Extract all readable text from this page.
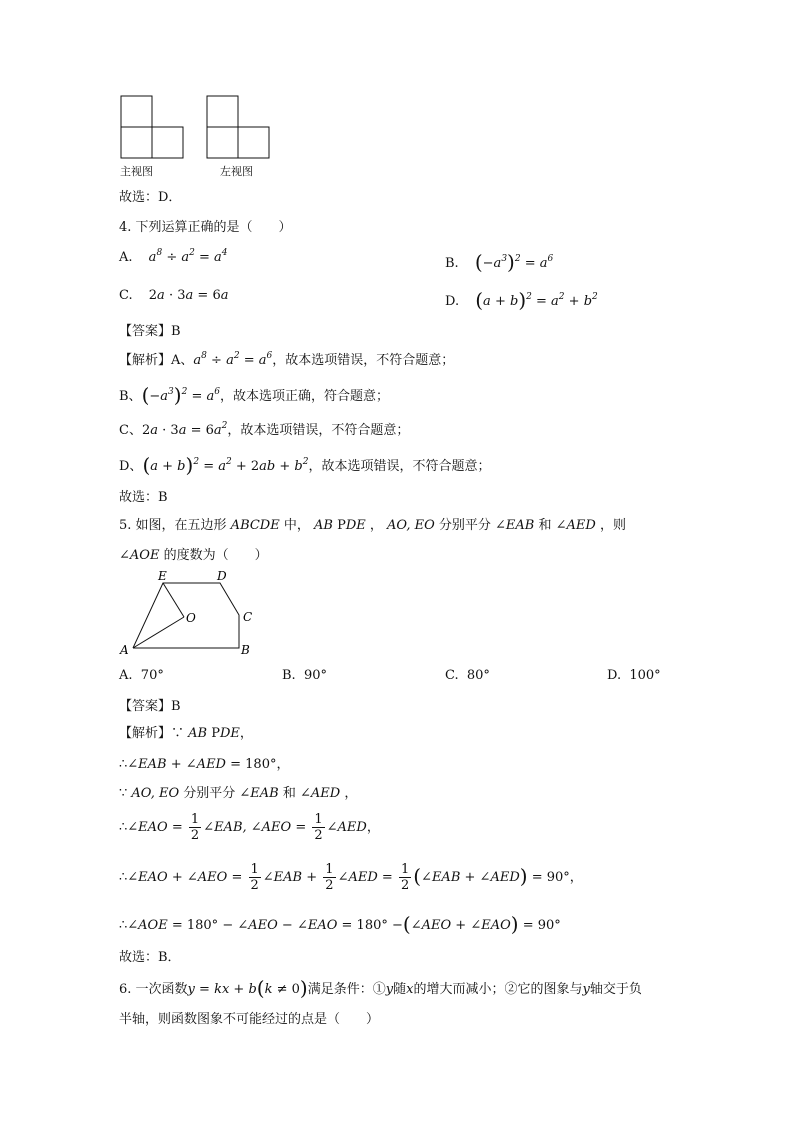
主视图	左视图
故选：D．
4. 下列运算正确的是（　　）
A. $a^8 \div a^2 = a^4$
B. $(-a^3)^2 = a^6$
C. 2a · 3a = 6a	D. $(a + b)^2 = a^2 + b^2$
【答案】B
【解析】A、$a^8 \div a^2 = a^6$，故本选项错误，不符合题意；
B、$(-a^3)^2 = a^6$，故本选项正确，符合题意；
C、$2a \cdot 3a = 6a^2$，故本选项错误，不符合题意；
D、$(a + b)^2 = a^2 + 2ab + b^2$，故本选项错误，不符合题意；
故选：B
5. 如图，在五边形 ABCDE 中， AB PDE ， AO, EO 分别平分 ∠EAB 和 ∠AED ，则
∠AOE 的度数为（　　）
E	D
O	C
A	B
A. 70°	B. 90°	C. 80°	D. 100°
【答案】B
【解析】∵ AB PDE，
∴∠EAB + ∠AED = 180°，
∵ AO, EO 分别平分 ∠EAB 和 ∠AED ，
∴∠EAO = $\frac{1}{2}$ ∠EAB, ∠AEO = $\frac{1}{2}$ ∠AED，
∴∠EAO + ∠AEO = $\frac{1}{2}$ ∠EAB + $\frac{1}{2}$ ∠AED = $\frac{1}{2}$ (∠EAB + ∠AED) = 90°，
∴∠AOE = 180° − ∠AEO − ∠EAO = 180° −(∠AEO + ∠EAO) = 90°
故选：B．
6. 一次函数y = kx + b(k ≠ 0)满足条件：①y随x的增大而减小；②它的图象与y轴交于负
半轴，则函数图象不可能经过的点是（　　）
